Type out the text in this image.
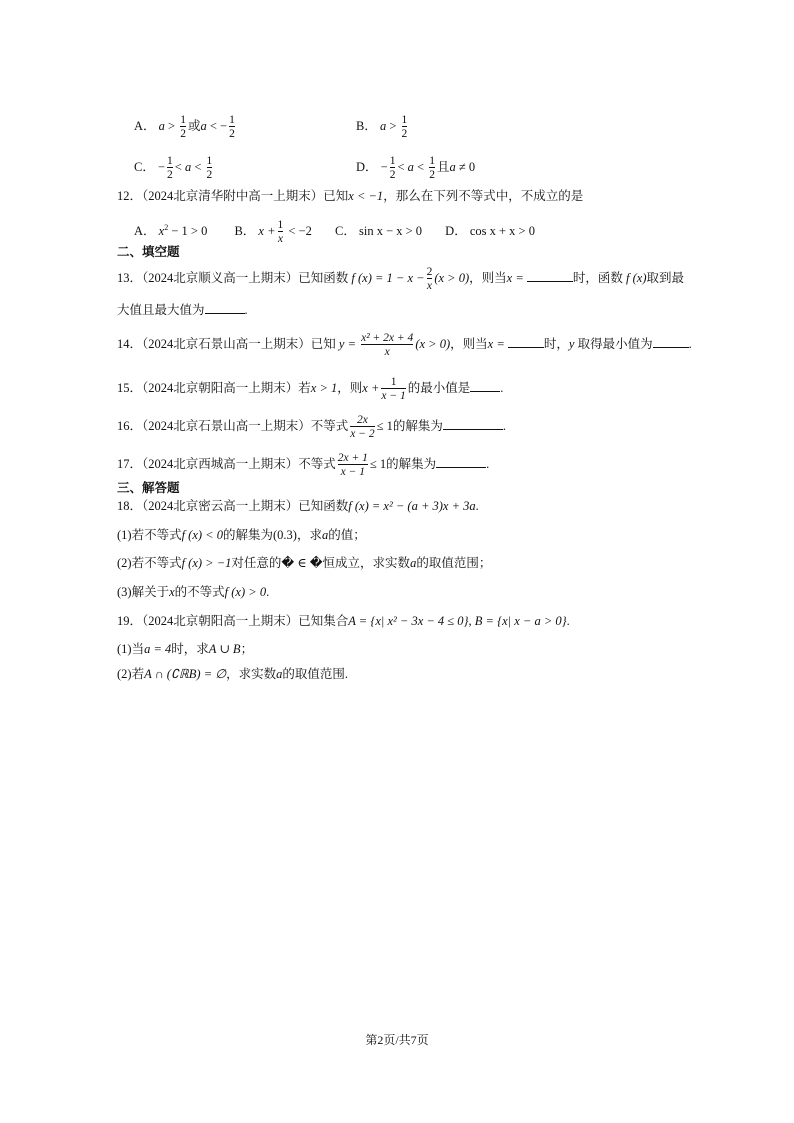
A． $a > \frac{1}{2}$ 或a < − $\frac{1}{2}$	B． $a > \frac{1}{2}$
C． − $\frac{1}{2} < a < \frac{1}{2}$	D． − $\frac{1}{2} < a < \frac{1}{2}$ 且a ≠ 0
12．（2024北京清华附中高一上期末）已知x < −1，那么在下列不等式中，不成立的是
A． $x^2 - 1 > 0$ B． $x + \frac{1}{x} < -2$ C． sin x − x > 0 D． cos x + x > 0
二、填空题
13．（2024北京顺义高一上期末）已知函数 f $(x) = 1 - x - \frac{2}{x} (x > 0)$，则当x =	时，函数 f (x)取到最
大值且最大值为	.
14．（2024北京石景山高一上期末）已知 $y = \frac{\text{x² + 2x + 4}}{x} (x > 0)$，则当x =	时，y 取得最小值为	.
15．（2024北京朝阳高一上期末）若x > 1，则$x + \frac{1}{x - 1}$ 的最小值是 .
16．（2024北京石景山高一上期末）不等式 $\frac{2x}{x - 2} \le 1$的解集为	.
17．（2024北京西城高一上期末）不等式 $\frac{2x + 1}{x - 1} \le 1$的解集为	.
三、解答题
18．（2024北京密云高一上期末）已知函数f (x) = x² − (a + 3)x + 3a.
(1)若不等式f (x) < 0的解集为(0.3)，求a的值；
(2)若不等式f (x) > −1对任意的� ∈ �恒成立，求实数a的取值范围；
(3)解关于x的不等式f (x) > 0.
19．（2024北京朝阳高一上期末）已知集合A = {x| x² − 3x − 4 ≤ 0}, B = {x| x − a > 0}.
(1)当a = 4时，求A ∪ B；
(2)若A ∩ (∁ℝB) = ∅，求实数a的取值范围.
第2页/共7页
